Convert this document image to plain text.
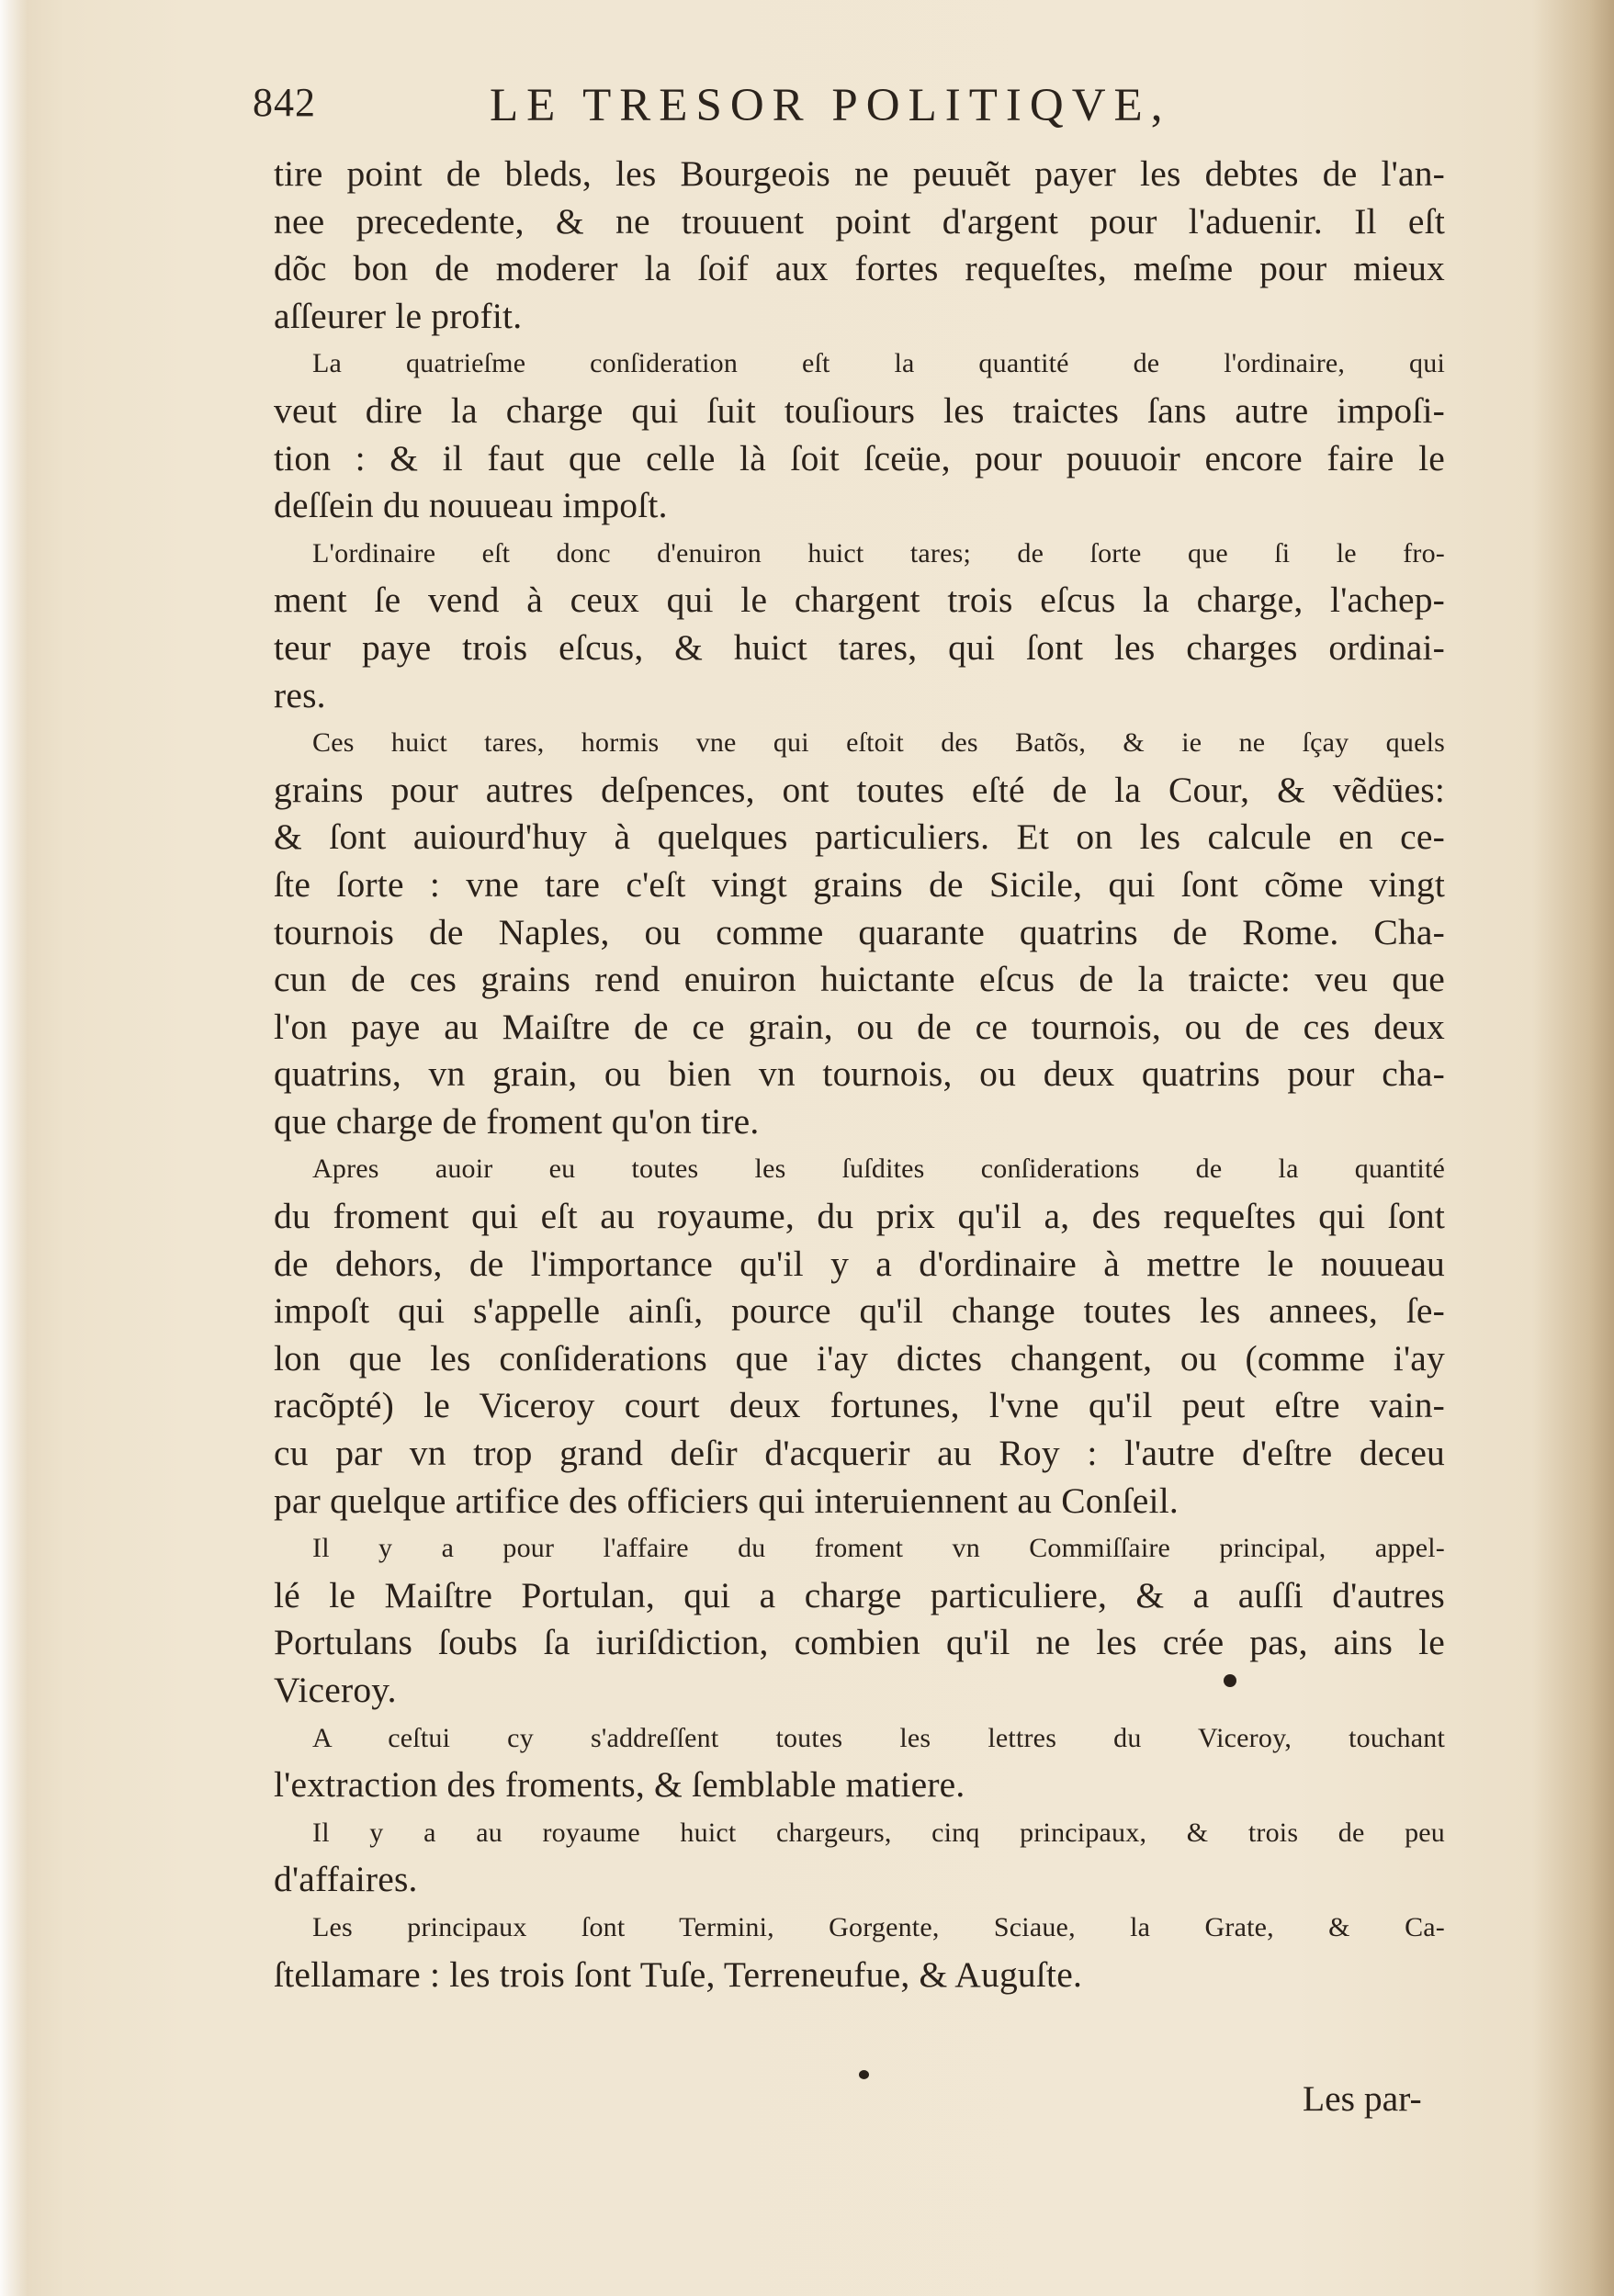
842	LE TRESOR POLITIQVE,
tire point de bleds, les Bourgeois ne peuuẽt payer les debtes de l'an-
nee precedente, & ne trouuent point d'argent pour l'aduenir. Il eſt
dõc bon de moderer la ſoif aux fortes requeſtes, meſme pour mieux
aſſeurer le profit.
La quatrieſme conſideration eſt la quantité de l'ordinaire, qui
veut dire la charge qui ſuit touſiours les traictes ſans autre impoſi-
tion : & il faut que celle là ſoit ſceüe, pour pouuoir encore faire le
deſſein du nouueau impoſt.
L'ordinaire eſt donc d'enuiron huict tares; de ſorte que ſi le fro-
ment ſe vend à ceux qui le chargent trois eſcus la charge, l'achep-
teur paye trois eſcus, & huict tares, qui ſont les charges ordinai-
res.
Ces huict tares, hormis vne qui eſtoit des Batõs, & ie ne ſçay quels
grains pour autres deſpences, ont toutes eſté de la Cour, & vẽdües:
& ſont auiourd'huy à quelques particuliers. Et on les calcule en ce-
ſte ſorte : vne tare c'eſt vingt grains de Sicile, qui ſont cõme vingt
tournois de Naples, ou comme quarante quatrins de Rome. Cha-
cun de ces grains rend enuiron huictante eſcus de la traicte: veu que
l'on paye au Maiſtre de ce grain, ou de ce tournois, ou de ces deux
quatrins, vn grain, ou bien vn tournois, ou deux quatrins pour cha-
que charge de froment qu'on tire.
Apres auoir eu toutes les ſuſdites conſiderations de la quantité
du froment qui eſt au royaume, du prix qu'il a, des requeſtes qui ſont
de dehors, de l'importance qu'il y a d'ordinaire à mettre le nouueau
impoſt qui s'appelle ainſi, pource qu'il change toutes les annees, ſe-
lon que les conſiderations que i'ay dictes changent, ou (comme i'ay
racõpté) le Viceroy court deux fortunes, l'vne qu'il peut eſtre vain-
cu par vn trop grand deſir d'acquerir au Roy : l'autre d'eſtre deceu
par quelque artifice des officiers qui interuiennent au Conſeil.
Il y a pour l'affaire du froment vn Commiſſaire principal, appel-
lé le Maiſtre Portulan, qui a charge particuliere, & a auſſi d'autres
Portulans ſoubs ſa iuriſdiction, combien qu'il ne les crée pas, ains le
Viceroy.
A ceſtui cy s'addreſſent toutes les lettres du Viceroy, touchant
l'extraction des froments, & ſemblable matiere.
Il y a au royaume huict chargeurs, cinq principaux, & trois de peu
d'affaires.
Les principaux ſont Termini, Gorgente, Sciaue, la Grate, & Ca-
ſtellamare : les trois ſont Tuſe, Terreneufue, & Auguſte.
Les par-
